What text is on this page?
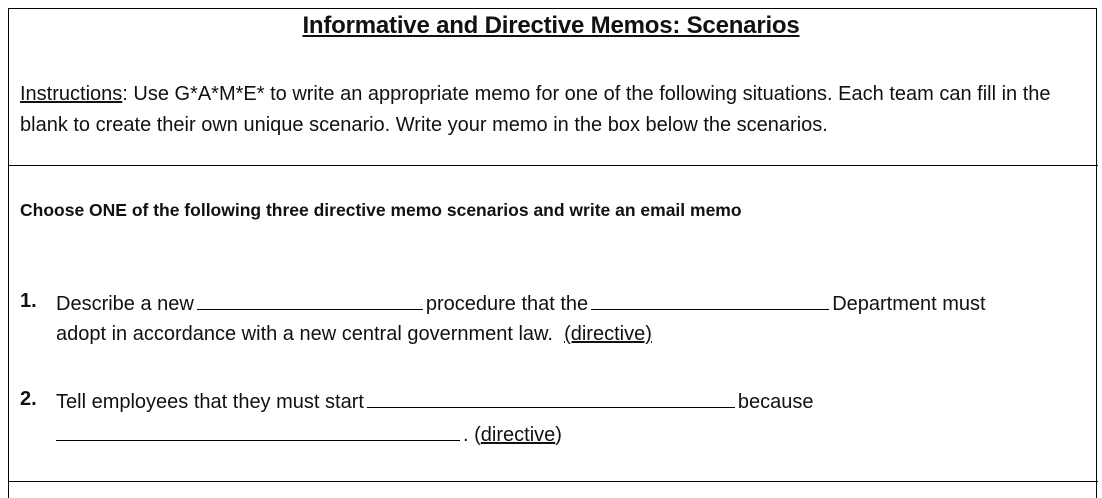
Informative and Directive Memos: Scenarios
Instructions: Use G*A*M*E* to write an appropriate memo for one of the following situations. Each team can fill in the blank to create their own unique scenario. Write your memo in the box below the scenarios.
Choose ONE of the following three directive memo scenarios and write an email memo
1. Describe a new	procedure that the	Department must
adopt in accordance with a new central government law. (directive)
2. Tell employees that they must start	because
. (directive)
